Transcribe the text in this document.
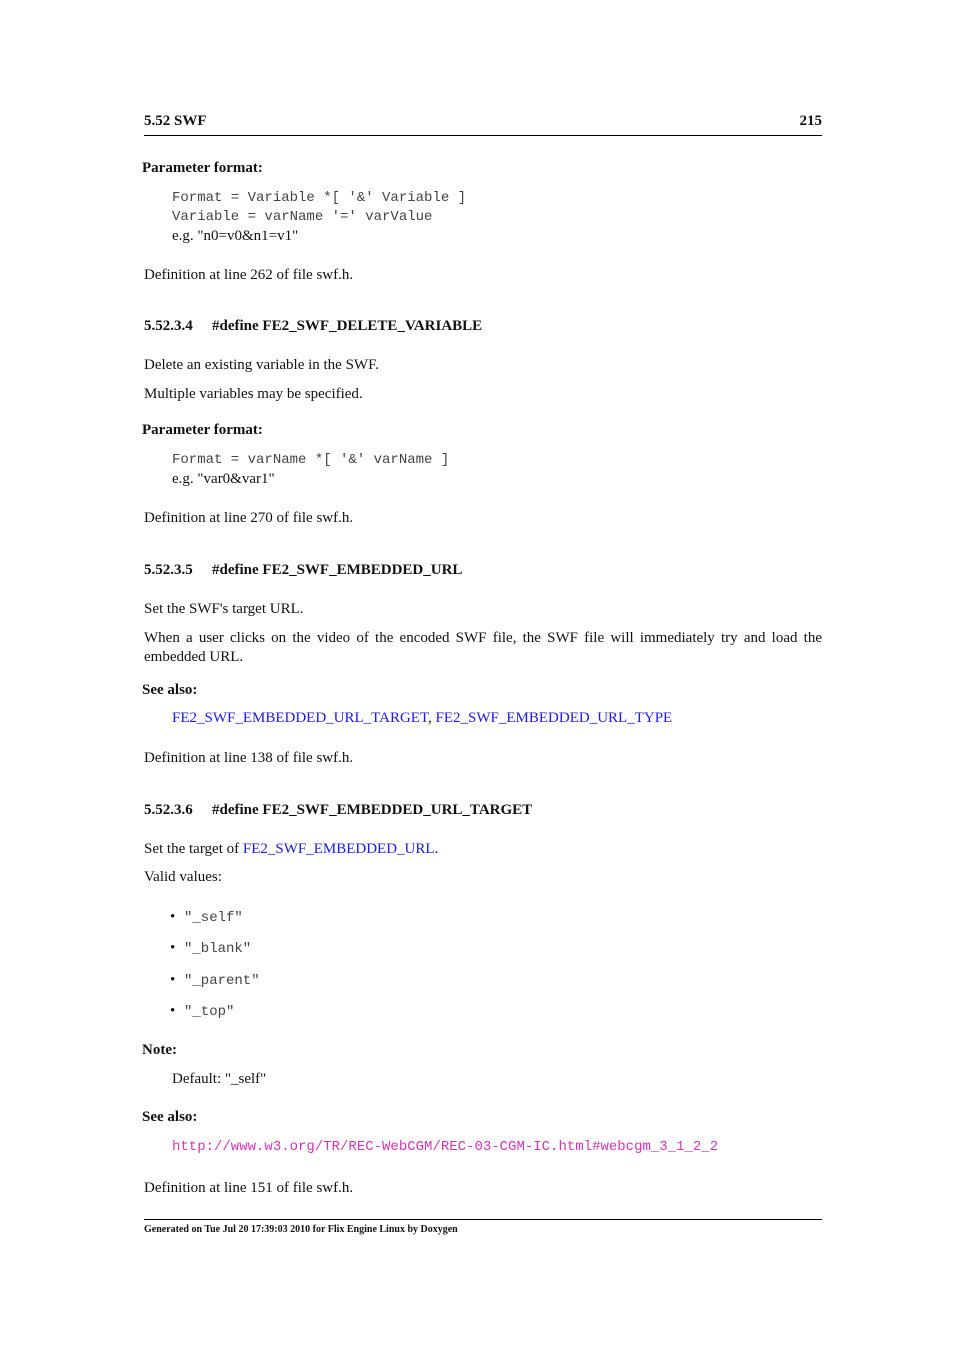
5.52 SWF	215
Parameter format:
Format = Variable *[ '&' Variable ]
Variable = varName '=' varValue
e.g. "n0=v0&n1=v1"
Definition at line 262 of file swf.h.
5.52.3.4 #define FE2_SWF_DELETE_VARIABLE
Delete an existing variable in the SWF.
Multiple variables may be specified.
Parameter format:
Format = varName *[ '&' varName ]
e.g. "var0&var1"
Definition at line 270 of file swf.h.
5.52.3.5 #define FE2_SWF_EMBEDDED_URL
Set the SWF's target URL.
When a user clicks on the video of the encoded SWF file, the SWF file will immediately try and load the embedded URL.
See also:
FE2_SWF_EMBEDDED_URL_TARGET, FE2_SWF_EMBEDDED_URL_TYPE
Definition at line 138 of file swf.h.
5.52.3.6 #define FE2_SWF_EMBEDDED_URL_TARGET
Set the target of FE2_SWF_EMBEDDED_URL.
Valid values:
• "_self"
• "_blank"
• "_parent"
• "_top"
Note:
Default: "_self"
See also:
http://www.w3.org/TR/REC-WebCGM/REC-03-CGM-IC.html#webcgm_3_1_2_2
Definition at line 151 of file swf.h.
Generated on Tue Jul 20 17:39:03 2010 for Flix Engine Linux by Doxygen
